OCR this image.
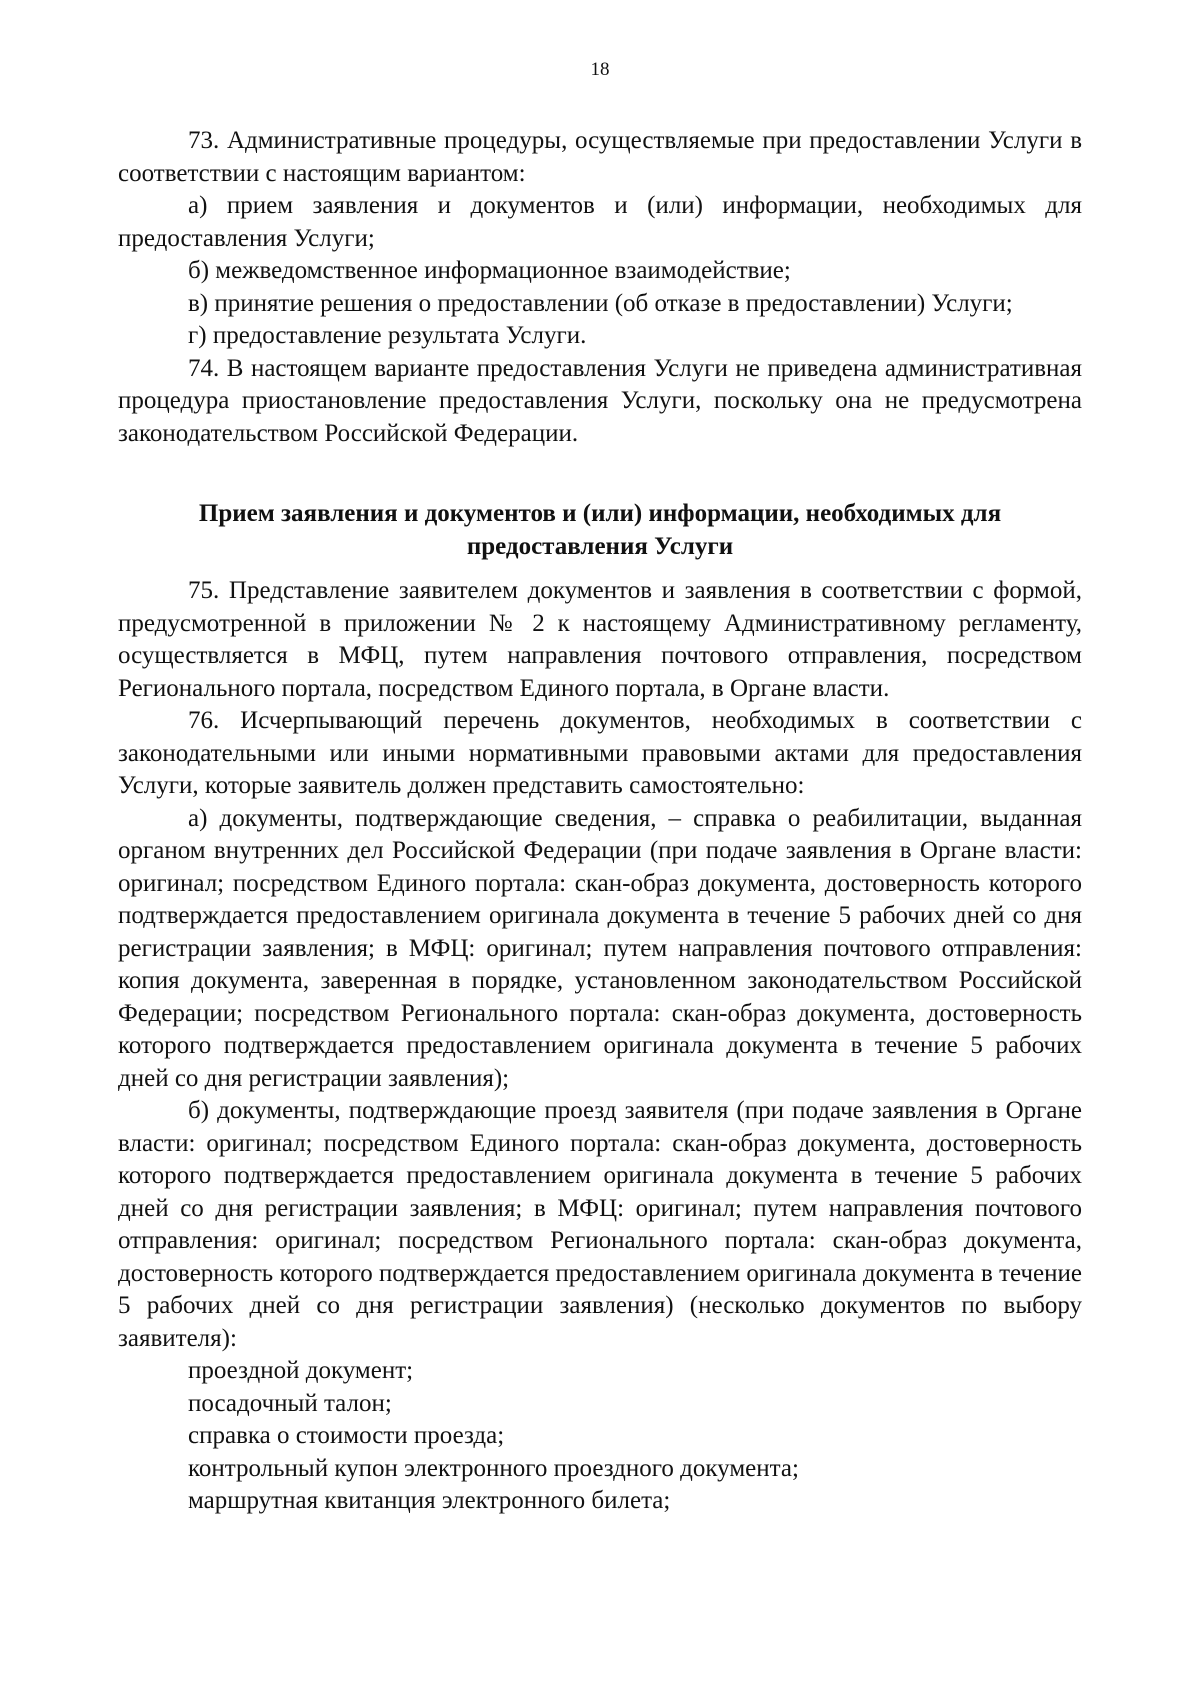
18

73. Административные процедуры, осуществляемые при предоставлении Услуги в соответствии с настоящим вариантом:

а) прием заявления и документов и (или) информации, необходимых для предоставления Услуги;

б) межведомственное информационное взаимодействие;

в) принятие решения о предоставлении (об отказе в предоставлении) Услуги;

г) предоставление результата Услуги.

74. В настоящем варианте предоставления Услуги не приведена административная процедура приостановление предоставления Услуги, поскольку она не предусмотрена законодательством Российской Федерации.

Прием заявления и документов и (или) информации, необходимых для
предоставления Услуги

75. Представление заявителем документов и заявления в соответствии с формой, предусмотренной в приложении № 2 к настоящему Административному регламенту, осуществляется в МФЦ, путем направления почтового отправления, посредством Регионального портала, посредством Единого портала, в Органе власти.

76. Исчерпывающий перечень документов, необходимых в соответствии с законодательными или иными нормативными правовыми актами для предоставления Услуги, которые заявитель должен представить самостоятельно:

а) документы, подтверждающие сведения, – справка о реабилитации, выданная органом внутренних дел Российской Федерации (при подаче заявления в Органе власти: оригинал; посредством Единого портала: скан-образ документа, достоверность которого подтверждается предоставлением оригинала документа в течение 5 рабочих дней со дня регистрации заявления; в МФЦ: оригинал; путем направления почтового отправления: копия документа, заверенная в порядке, установленном законодательством Российской Федерации; посредством Регионального портала: скан-образ документа, достоверность которого подтверждается предоставлением оригинала документа в течение 5 рабочих дней со дня регистрации заявления);

б) документы, подтверждающие проезд заявителя (при подаче заявления в Органе власти: оригинал; посредством Единого портала: скан-образ документа, достоверность которого подтверждается предоставлением оригинала документа в течение 5 рабочих дней со дня регистрации заявления; в МФЦ: оригинал; путем направления почтового отправления: оригинал; посредством Регионального портала: скан-образ документа, достоверность которого подтверждается предоставлением оригинала документа в течение 5 рабочих дней со дня регистрации заявления) (несколько документов по выбору заявителя):

проездной документ;

посадочный талон;

справка о стоимости проезда;

контрольный купон электронного проездного документа;

маршрутная квитанция электронного билета;
